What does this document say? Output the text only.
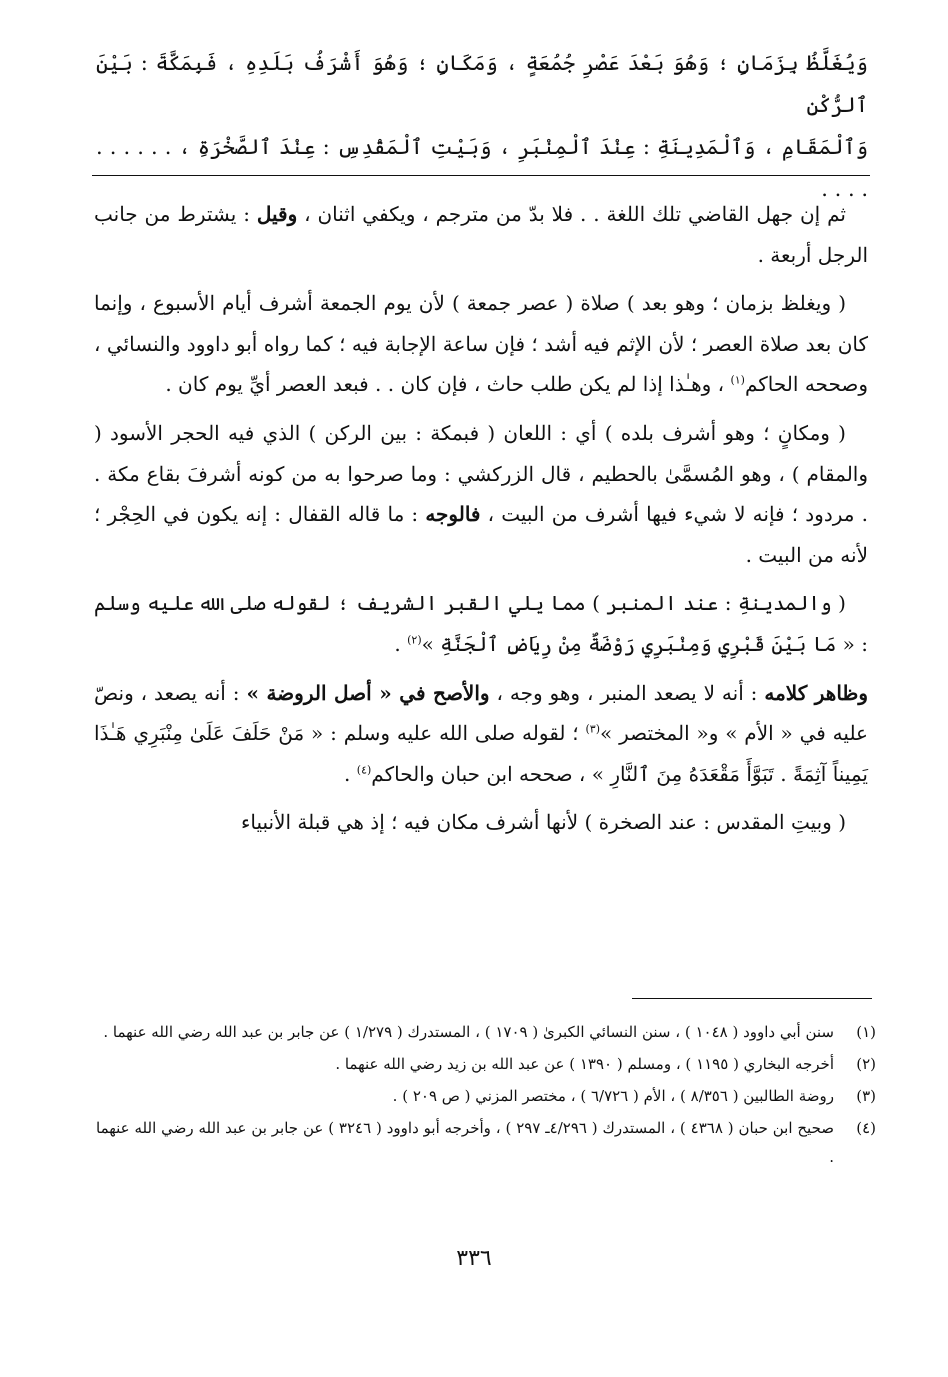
وَيُغَلَّظُ بِزَمَانٍ ؛ وَهُوَ بَعْدَ عَصْرِ جُمُعَةٍ ، وَمَكَانٍ ؛ وَهُوَ أَشْرَفُ بَلَدِهِ ، فَبِمَكَّةَ : بَيْنَ ٱلرُّكْنِ

وَٱلْمَقَامِ ، وَٱلْمَدِينَةِ : عِنْدَ ٱلْمِنْبَرِ ، وَبَيْتِ ٱلْمَقْدِسِ : عِنْدَ ٱلصَّخْرَةِ ، . . . . . . . . . .

ثم إن جهل القاضي تلك اللغة . . فلا بدّ من مترجم ، ويكفي اثنان ، وقيل : يشترط من جانب الرجل أربعة .

( ويغلظ بزمان ؛ وهو بعد ) صلاة ( عصر جمعة ) لأن يوم الجمعة أشرف أيام الأسبوع ، وإنما كان بعد صلاة العصر ؛ لأن الإثم فيه أشد ؛ فإن ساعة الإجابة فيه ؛ كما رواه أبو داوود والنسائي ، وصححه الحاكم$^{(١)}$ ، وهـٰذا إذا لم يكن طلب حاث ، فإن كان . . فبعد العصر أيِّ يوم كان .

( ومكانٍ ؛ وهو أشرف بلده ) أي : اللعان ( فبمكة : بين الركن ) الذي فيه الحجر الأسود ( والمقام ) ، وهو المُسمَّىٰ بالحطيم ، قال الزركشي : وما صرحوا به من كونه أشرفَ بقاع مكة . . مردود ؛ فإنه لا شيء فيها أشرف من البيت ، فالوجه : ما قاله القفال : إنه يكون في الحِجْر ؛ لأنه من البيت .

( والمدينةِ : عند المنبر ) مما يلي القبر الشريف ؛ لقوله صلى الله عليه وسلم : « مَا بَيْنَ قَبْرِي وَمِنْبَرِي رَوْضَةٌ مِنْ رِيَاضِ ٱلْجَنَّةِ »$^{(٢)}$ .

وظاهر كلامه : أنه لا يصعد المنبر ، وهو وجه ، والأصح في « أصل الروضة » : أنه يصعد ، ونصّ عليه في « الأم » و« المختصر »$^{(٣)}$ ؛ لقوله صلى الله عليه وسلم : « مَنْ حَلَفَ عَلَىٰ مِنْبَرِي هَـٰذَا يَمِيناً آثِمَةً . تَبَوَّأَ مَقْعَدَهُ مِنَ ٱلنَّارِ » ، صححه ابن حبان والحاكم$^{(٤)}$ .

( وبيتِ المقدس : عند الصخرة ) لأنها أشرف مكان فيه ؛ إذ هي قبلة الأنبياء

(١)
سنن أبي داوود ( ١٠٤٨ ) ، سنن النسائي الكبرىٰ ( ١٧٠٩ ) ، المستدرك ( ١/٢٧٩ ) عن جابر بن عبد الله رضي الله عنهما .
(٢)
أخرجه البخاري ( ١١٩٥ ) ، ومسلم ( ١٣٩٠ ) عن عبد الله بن زيد رضي الله عنهما .
(٣)
روضة الطالبين ( ٨/٣٥٦ ) ، الأم ( ٦/٧٢٦ ) ، مختصر المزني ( ص ٢٠٩ ) .
(٤)
صحيح ابن حبان ( ٤٣٦٨ ) ، المستدرك ( ٤/٢٩٦ـ ٢٩٧ ) ، وأخرجه أبو داوود ( ٣٢٤٦ ) عن جابر بن عبد الله رضي الله عنهما .
٣٣٦
